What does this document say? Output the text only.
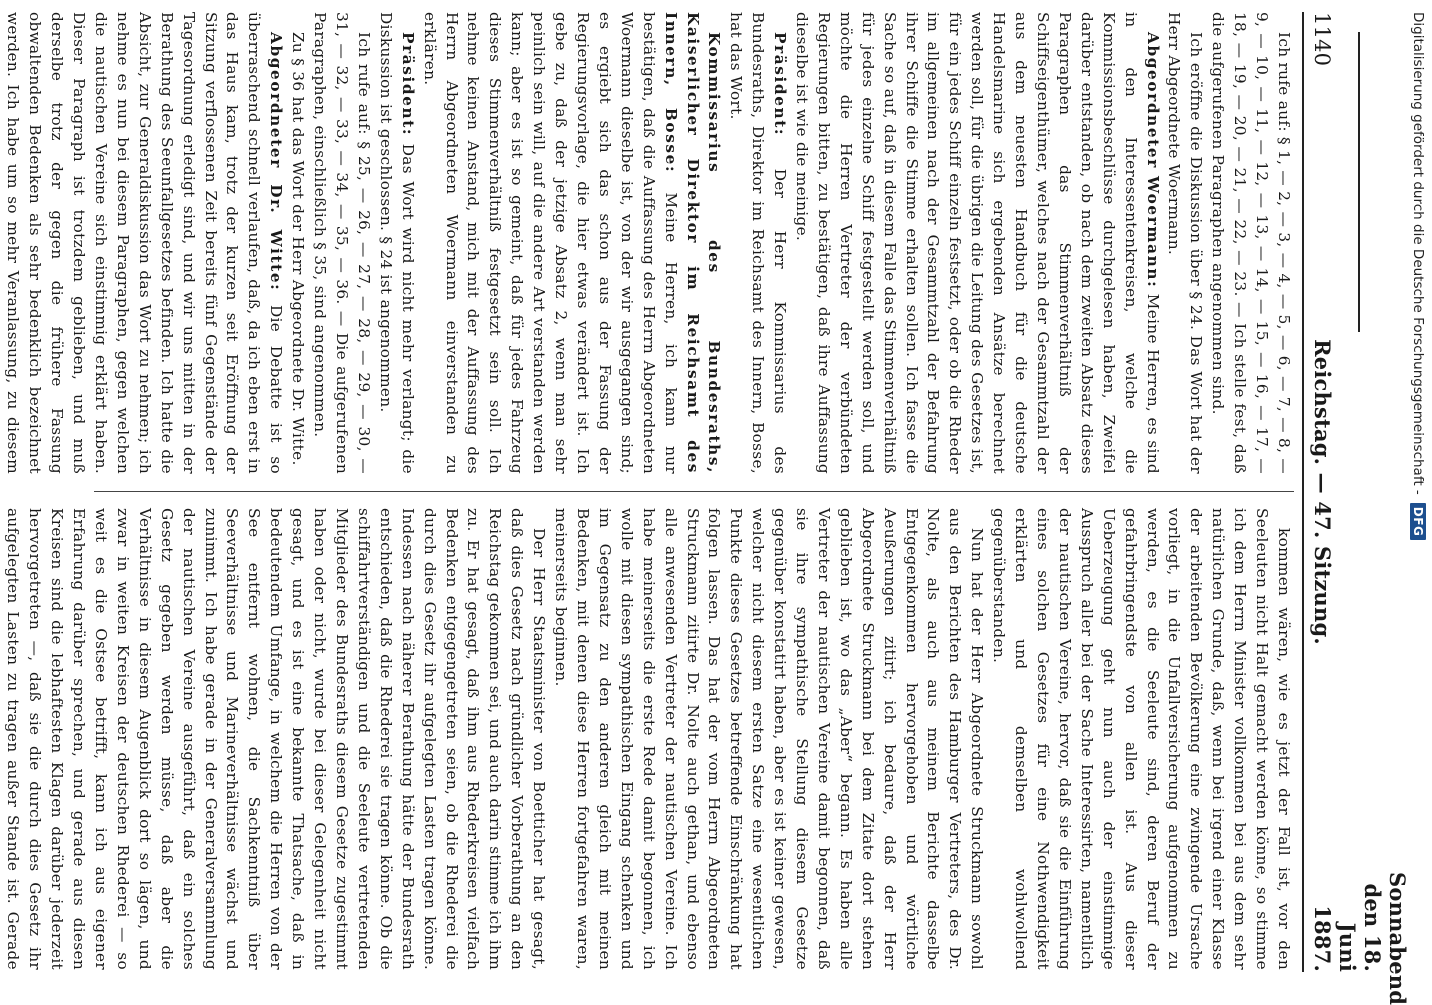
1140
Reichstag. — 47. Sitzung.
Sonnabend den 18. Juni 1887.

Ich rufe auf: § 1, — 2, — 3, — 4, — 5, — 6, — 7, — 8, — 9, — 10, — 11, — 12, — 13, — 14, — 15, — 16, — 17, — 18, — 19, — 20, — 21, — 22, — 23. — Ich stelle fest, daß die aufgerufenen Paragraphen angenommen sind.

Ich eröffne die Diskussion über § 24. Das Wort hat der Herr Abgeordnete Woermann.

Abgeordneter Woermann: Meine Herren, es sind in den Interessentenkreisen, welche die Kommissionsbeschlüsse durchgelesen haben, Zweifel darüber entstanden, ob nach dem zweiten Absatz dieses Paragraphen das Stimmenverhältniß der Schiffseigenthümer, welches nach der Gesammtzahl der aus dem neuesten Handbuch für die deutsche Handelsmarine sich ergebenden Ansätze berechnet werden soll, für die übrigen die Leitung des Gesetzes ist, für ein jedes Schiff einzeln festsetzt, oder ob die Rheder im allgemeinen nach der Gesammtzahl der Befahrung ihrer Schiffe die Stimme erhalten sollen. Ich fasse die Sache so auf, daß in diesem Falle das Stimmenverhältniß für jedes einzelne Schiff festgestellt werden soll, und möchte die Herren Vertreter der verbündeten Regierungen bitten, zu bestätigen, daß ihre Auffassung dieselbe ist wie die meinige.

Präsident: Der Herr Kommissarius des Bundesraths, Direktor im Reichsamt des Innern, Bosse, hat das Wort.

Kommissarius des Bundesraths, Kaiserlicher Direktor im Reichsamt des Innern, Bosse: Meine Herren, ich kann nur bestätigen, daß die Auffassung des Herrn Abgeordneten Woermann dieselbe ist, von der wir ausgegangen sind; es ergiebt sich das schon aus der Fassung der Regierungsvorlage, die hier etwas verändert ist. Ich gebe zu, daß der jetzige Absatz 2, wenn man sehr peinlich sein will, auf die andere Art verstanden werden kann; aber es ist so gemeint, daß für jedes Fahrzeug dieses Stimmenverhältniß festgesetzt sein soll. Ich nehme keinen Anstand, mich mit der Auffassung des Herrn Abgeordneten Woermann einverstanden zu erklären.

Präsident: Das Wort wird nicht mehr verlangt; die Diskussion ist geschlossen. § 24 ist angenommen.

Ich rufe auf: § 25, — 26, — 27, — 28, — 29, — 30, — 31, — 32, — 33, — 34, — 35, — 36. — Die aufgerufenen Paragraphen, einschließlich § 35, sind angenommen.

Zu § 36 hat das Wort der Herr Abgeordnete Dr. Witte.

Abgeordneter Dr. Witte: Die Debatte ist so überraschend schnell verlaufen, daß, da ich eben erst in das Haus kam, trotz der kurzen seit Eröffnung der Sitzung verflossenen Zeit bereits fünf Gegenstände der Tagesordnung erledigt sind, und wir uns mitten in der Berathung des Seeunfallgesetzes befinden. Ich hatte die Absicht, zur Generaldiskussion das Wort zu nehmen; ich nehme es nun bei diesem Paragraphen, gegen welchen die nautischen Vereine sich einstimmig erklärt haben. Dieser Paragraph ist trotzdem geblieben, und muß derselbe trotz der gegen die frühere Fassung obwaltenden Bedenken als sehr bedenklich bezeichnet werden. Ich habe um so mehr Veranlassung, zu diesem

kommen wären, wie es jetzt der Fall ist, vor den Seeleuten nicht Halt gemacht werden könne, so stimme ich dem Herrn Minister vollkommen bei aus dem sehr natürlichen Grunde, daß, wenn bei irgend einer Klasse der arbeitenden Bevölkerung eine zwingende Ursache vorliegt, in die Unfallversicherung aufgenommen zu werden, es die Seeleute sind, deren Beruf der gefahrbringendste von allen ist. Aus dieser Ueberzeugung geht nun auch der einstimmige Ausspruch aller bei der Sache Interessirten, namentlich der nautischen Vereine, hervor, daß sie die Einführung eines solchen Gesetzes für eine Nothwendigkeit erklärten und demselben wohlwollend gegenüberstanden.

Nun hat der Herr Abgeordnete Struckmann sowohl aus den Berichten des Hamburger Vertreters, des Dr. Nolte, als auch aus meinem Berichte dasselbe Entgegenkommen hervorgehoben und wörtliche Aeußerungen zitirt; ich bedaure, daß der Herr Abgeordnete Struckmann bei dem Zitate dort stehen geblieben ist, wo das „Aber“ begann. Es haben alle Vertreter der nautischen Vereine damit begonnen, daß sie ihre sympathische Stellung diesem Gesetze gegenüber konstatirt haben, aber es ist keiner gewesen, welcher nicht diesem ersten Satze eine wesentlichen Punkte dieses Gesetzes betreffende Einschränkung hat folgen lassen. Das hat der vom Herrn Abgeordneten Struckmann zitirte Dr. Nolte auch gethan, und ebenso alle anwesenden Vertreter der nautischen Vereine. Ich habe meinerseits die erste Rede damit begonnen, ich wolle mit diesen sympathischen Eingang schenken und im Gegensatz zu den anderen gleich mit meinen Bedenken, mit denen diese Herren fortgefahren waren, meinerseits beginnen.

Der Herr Staatsminister von Boetticher hat gesagt, daß dies Gesetz nach gründlicher Vorberathung an den Reichstag gekommen sei, und auch darin stimme ich ihm zu. Er hat gesagt, daß ihm aus Rhederkreisen vielfach Bedenken entgegengetreten seien, ob die Rhederei die durch dies Gesetz ihr aufgelegten Lasten tragen könne. Indessen nach näherer Berathung hätte der Bundesrath entschieden, daß die Rhederei sie tragen könne. Ob die schiffahrtverständigen und die Seeleute vertretenden Mitglieder des Bundesraths diesem Gesetze zugestimmt haben oder nicht, wurde bei dieser Gelegenheit nicht gesagt, und es ist eine bekannte Thatsache, daß in bedeutendem Umfange, in welchem die Herren von der See entfernt wohnen, die Sachkenntniß über Seeverhältnisse und Marineverhältnisse wächst und zunimmt. Ich habe gerade in der Generalversammlung der nautischen Vereine ausgeführt, daß ein solches Gesetz gegeben werden müsse, daß aber die Verhältnisse in diesem Augenblick dort so lägen, und zwar in weiten Kreisen der deutschen Rhederei — so weit es die Ostsee betrifft, kann ich aus eigener Erfahrung darüber sprechen, und gerade aus diesen Kreisen sind die lebhaftesten Klagen darüber jederzeit hervorgetreten —, daß sie die durch dies Gesetz ihr aufgelegten Lasten zu tragen außer Stande ist. Gerade

Digitalisierung gefördert durch die Deutsche Forschungsgemeinschaft -
DFG
